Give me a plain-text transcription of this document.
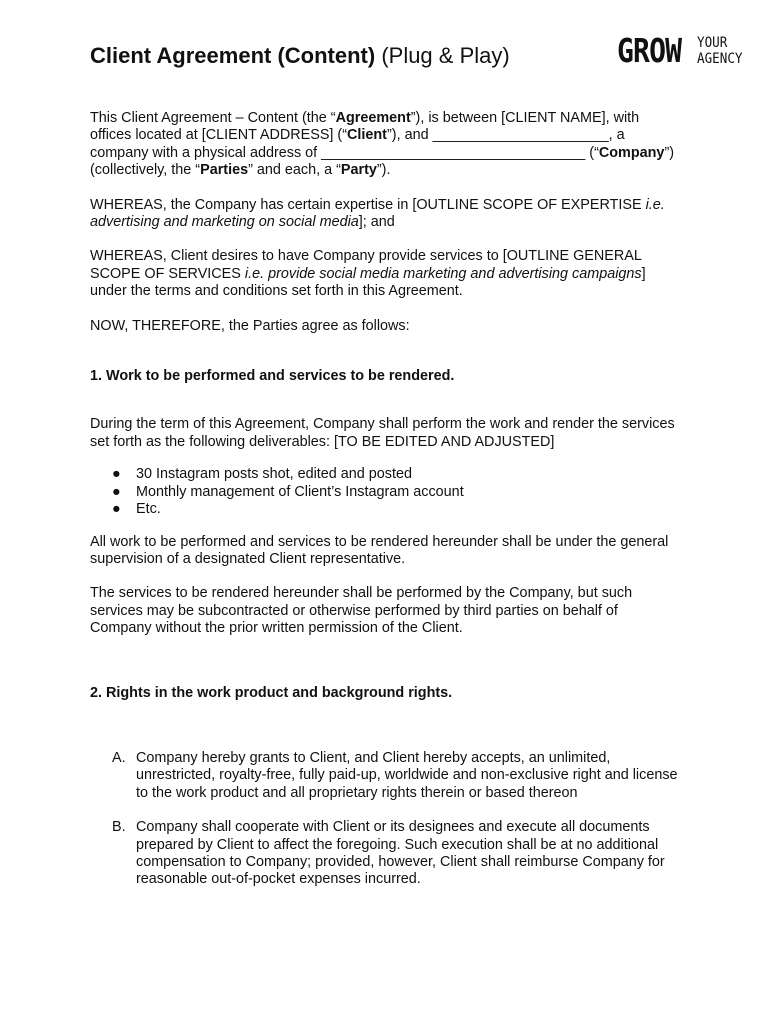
Client Agreement (Content) (Plug & Play)	GROW YOUR
AGENCY

This Client Agreement – Content (the “Agreement”), is between [CLIENT NAME], with offices located at [CLIENT ADDRESS] (“Client”), and ______________________, a company with a physical address of _________________________________ (“Company”) (collectively, the “Parties” and each, a “Party”).

WHEREAS, the Company has certain expertise in [OUTLINE SCOPE OF EXPERTISE i.e. advertising and marketing on social media]; and

WHEREAS, Client desires to have Company provide services to [OUTLINE GENERAL SCOPE OF SERVICES i.e. provide social media marketing and advertising campaigns] under the terms and conditions set forth in this Agreement.

NOW, THEREFORE, the Parties agree as follows:

1. Work to be performed and services to be rendered.

During the term of this Agreement, Company shall perform the work and render the services set forth as the following deliverables: [TO BE EDITED AND ADJUSTED]

● 30 Instagram posts shot, edited and posted
● Monthly management of Client’s Instagram account
● Etc.

All work to be performed and services to be rendered hereunder shall be under the general supervision of a designated Client representative.

The services to be rendered hereunder shall be performed by the Company, but such services may be subcontracted or otherwise performed by third parties on behalf of Company without the prior written permission of the Client.

2. Rights in the work product and background rights.

A. Company hereby grants to Client, and Client hereby accepts, an unlimited, unrestricted, royalty-free, fully paid-up, worldwide and non-exclusive right and license to the work product and all proprietary rights therein or based thereon
B. Company shall cooperate with Client or its designees and execute all documents prepared by Client to affect the foregoing. Such execution shall be at no additional compensation to Company; provided, however, Client shall reimburse Company for reasonable out-of-pocket expenses incurred.
